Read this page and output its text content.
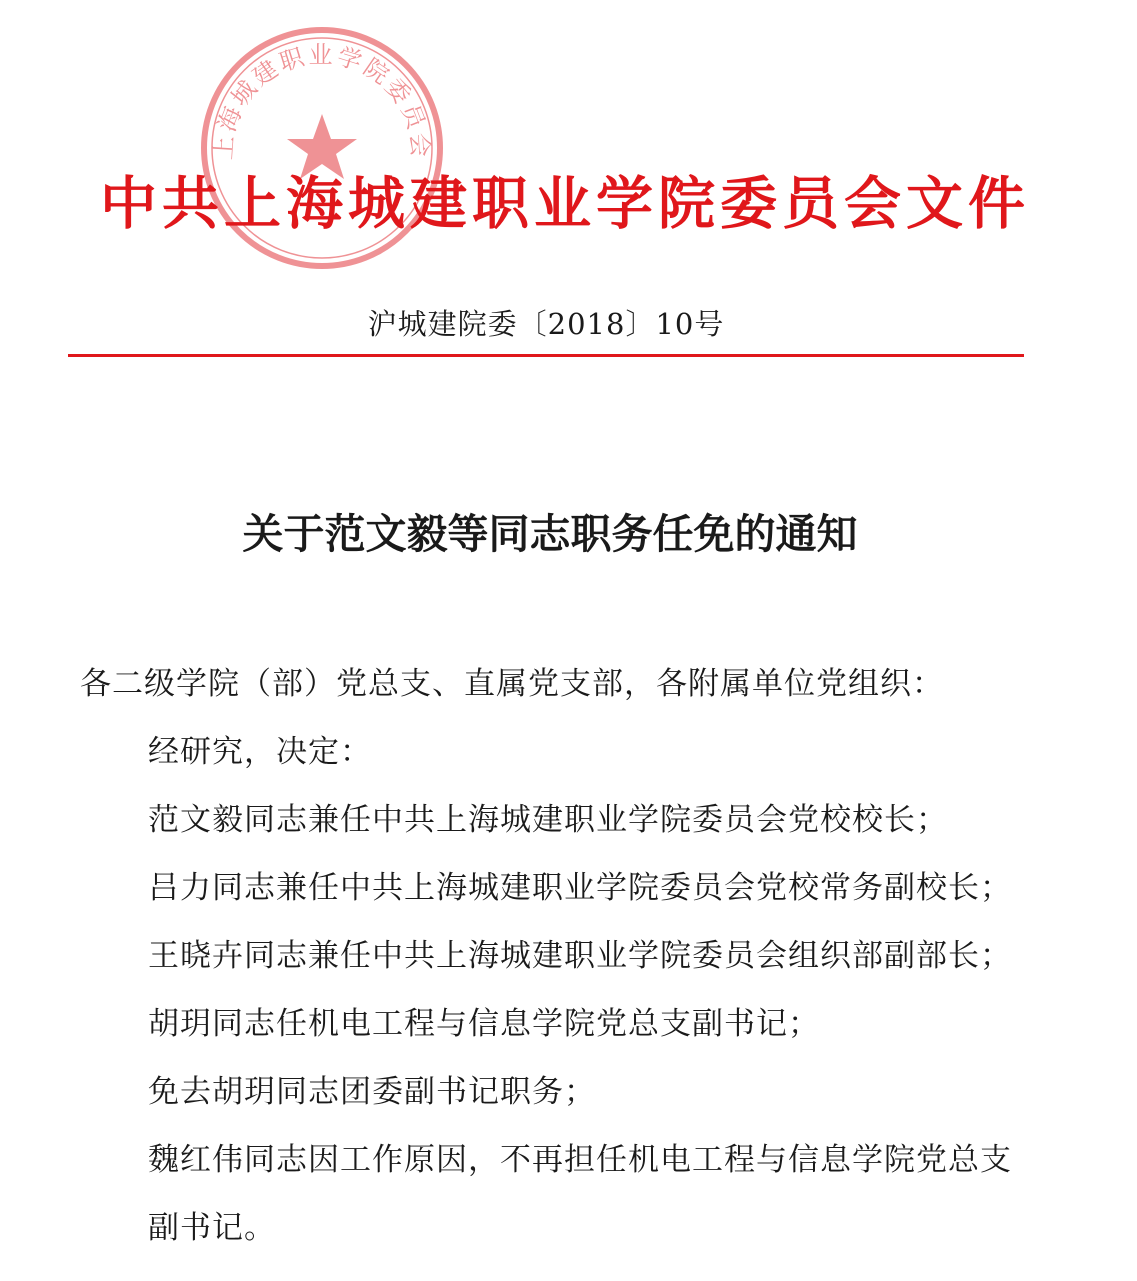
上海城建职业学院委员会
中共上海城建职业学院委员会文件
沪城建院委〔2018〕10号
关于范文毅等同志职务任免的通知

各二级学院（部）党总支、直属党支部，各附属单位党组织：

经研究，决定：

范文毅同志兼任中共上海城建职业学院委员会党校校长；

吕力同志兼任中共上海城建职业学院委员会党校常务副校长；

王晓卉同志兼任中共上海城建职业学院委员会组织部副部长；

胡玥同志任机电工程与信息学院党总支副书记；

免去胡玥同志团委副书记职务；

魏红伟同志因工作原因，不再担任机电工程与信息学院党总支副书记。
